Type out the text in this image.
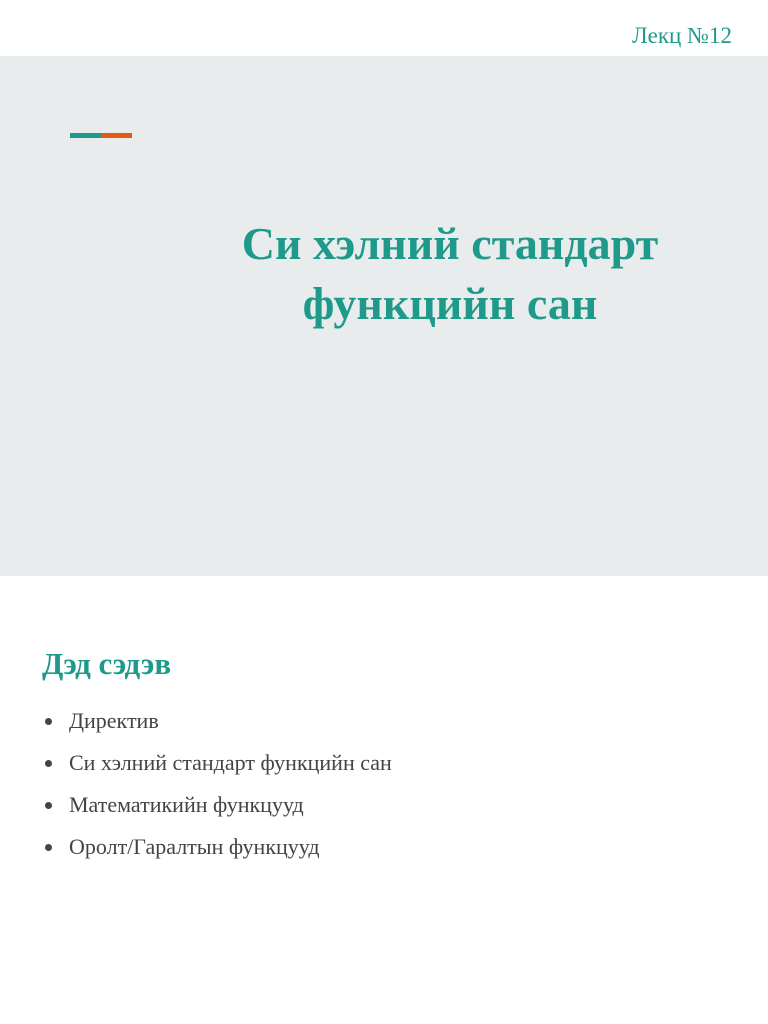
Лекц №12
Си хэлний стандарт
функцийн сан
Дэд сэдэв
Директив
Си хэлний стандарт функцийн сан
Математикийн функцууд
Оролт/Гаралтын функцууд
